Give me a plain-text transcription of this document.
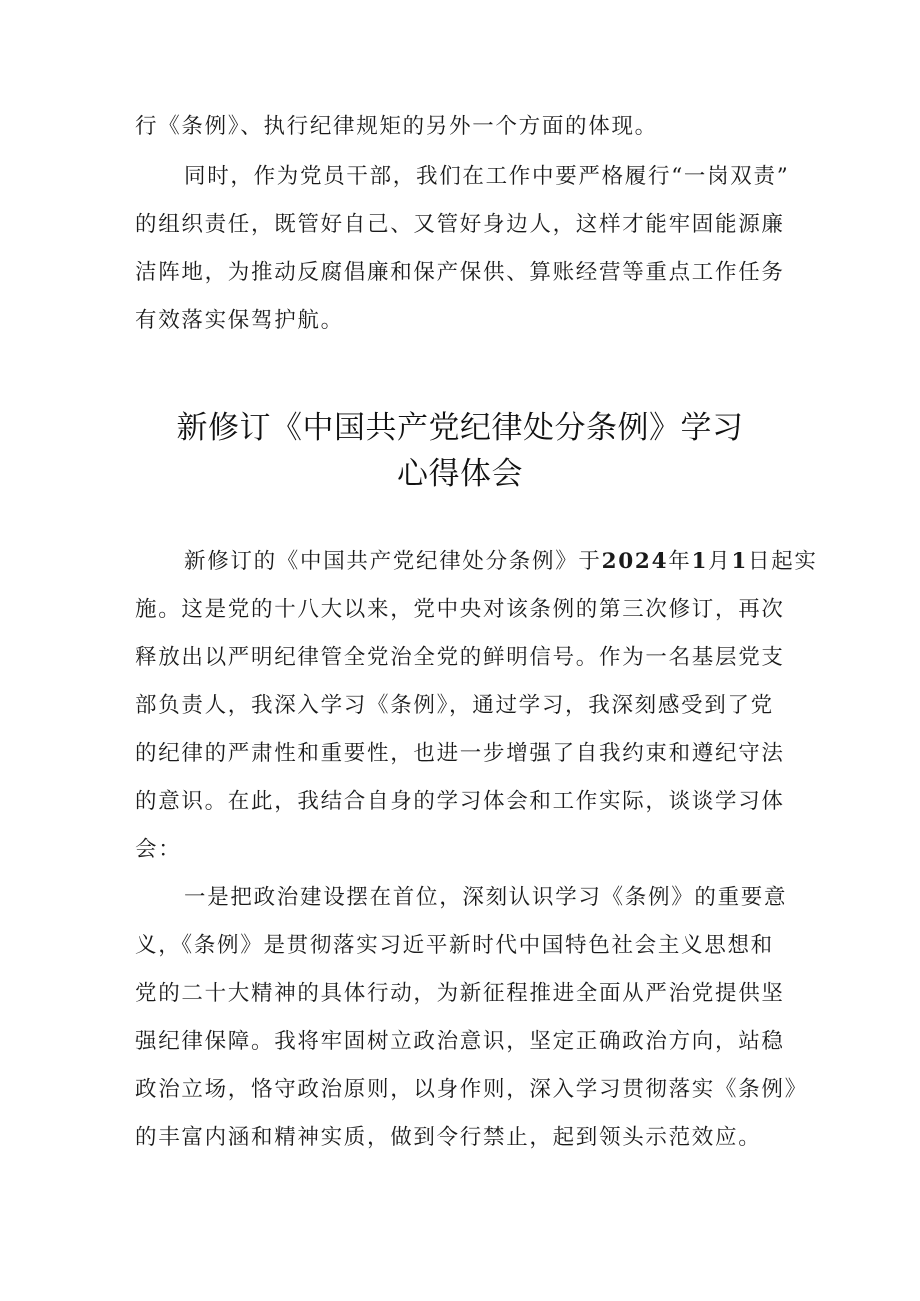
行《条例》、执行纪律规矩的另外一个方面的体现。
同时，作为党员干部，我们在工作中要严格履行“一岗双责”
的组织责任，既管好自己、又管好身边人，这样才能牢固能源廉
洁阵地，为推动反腐倡廉和保产保供、算账经营等重点工作任务
有效落实保驾护航。
新修订《中国共产党纪律处分条例》学习
心得体会
新修订的《中国共产党纪律处分条例》于2024年1月1日起实
施。这是党的十八大以来，党中央对该条例的第三次修订，再次
释放出以严明纪律管全党治全党的鲜明信号。作为一名基层党支
部负责人，我深入学习《条例》，通过学习，我深刻感受到了党
的纪律的严肃性和重要性，也进一步增强了自我约束和遵纪守法
的意识。在此，我结合自身的学习体会和工作实际，谈谈学习体
会：
一是把政治建设摆在首位，深刻认识学习《条例》的重要意
义，《条例》是贯彻落实习近平新时代中国特色社会主义思想和
党的二十大精神的具体行动，为新征程推进全面从严治党提供坚
强纪律保障。我将牢固树立政治意识，坚定正确政治方向，站稳
政治立场，恪守政治原则，以身作则，深入学习贯彻落实《条例》
的丰富内涵和精神实质，做到令行禁止，起到领头示范效应。
